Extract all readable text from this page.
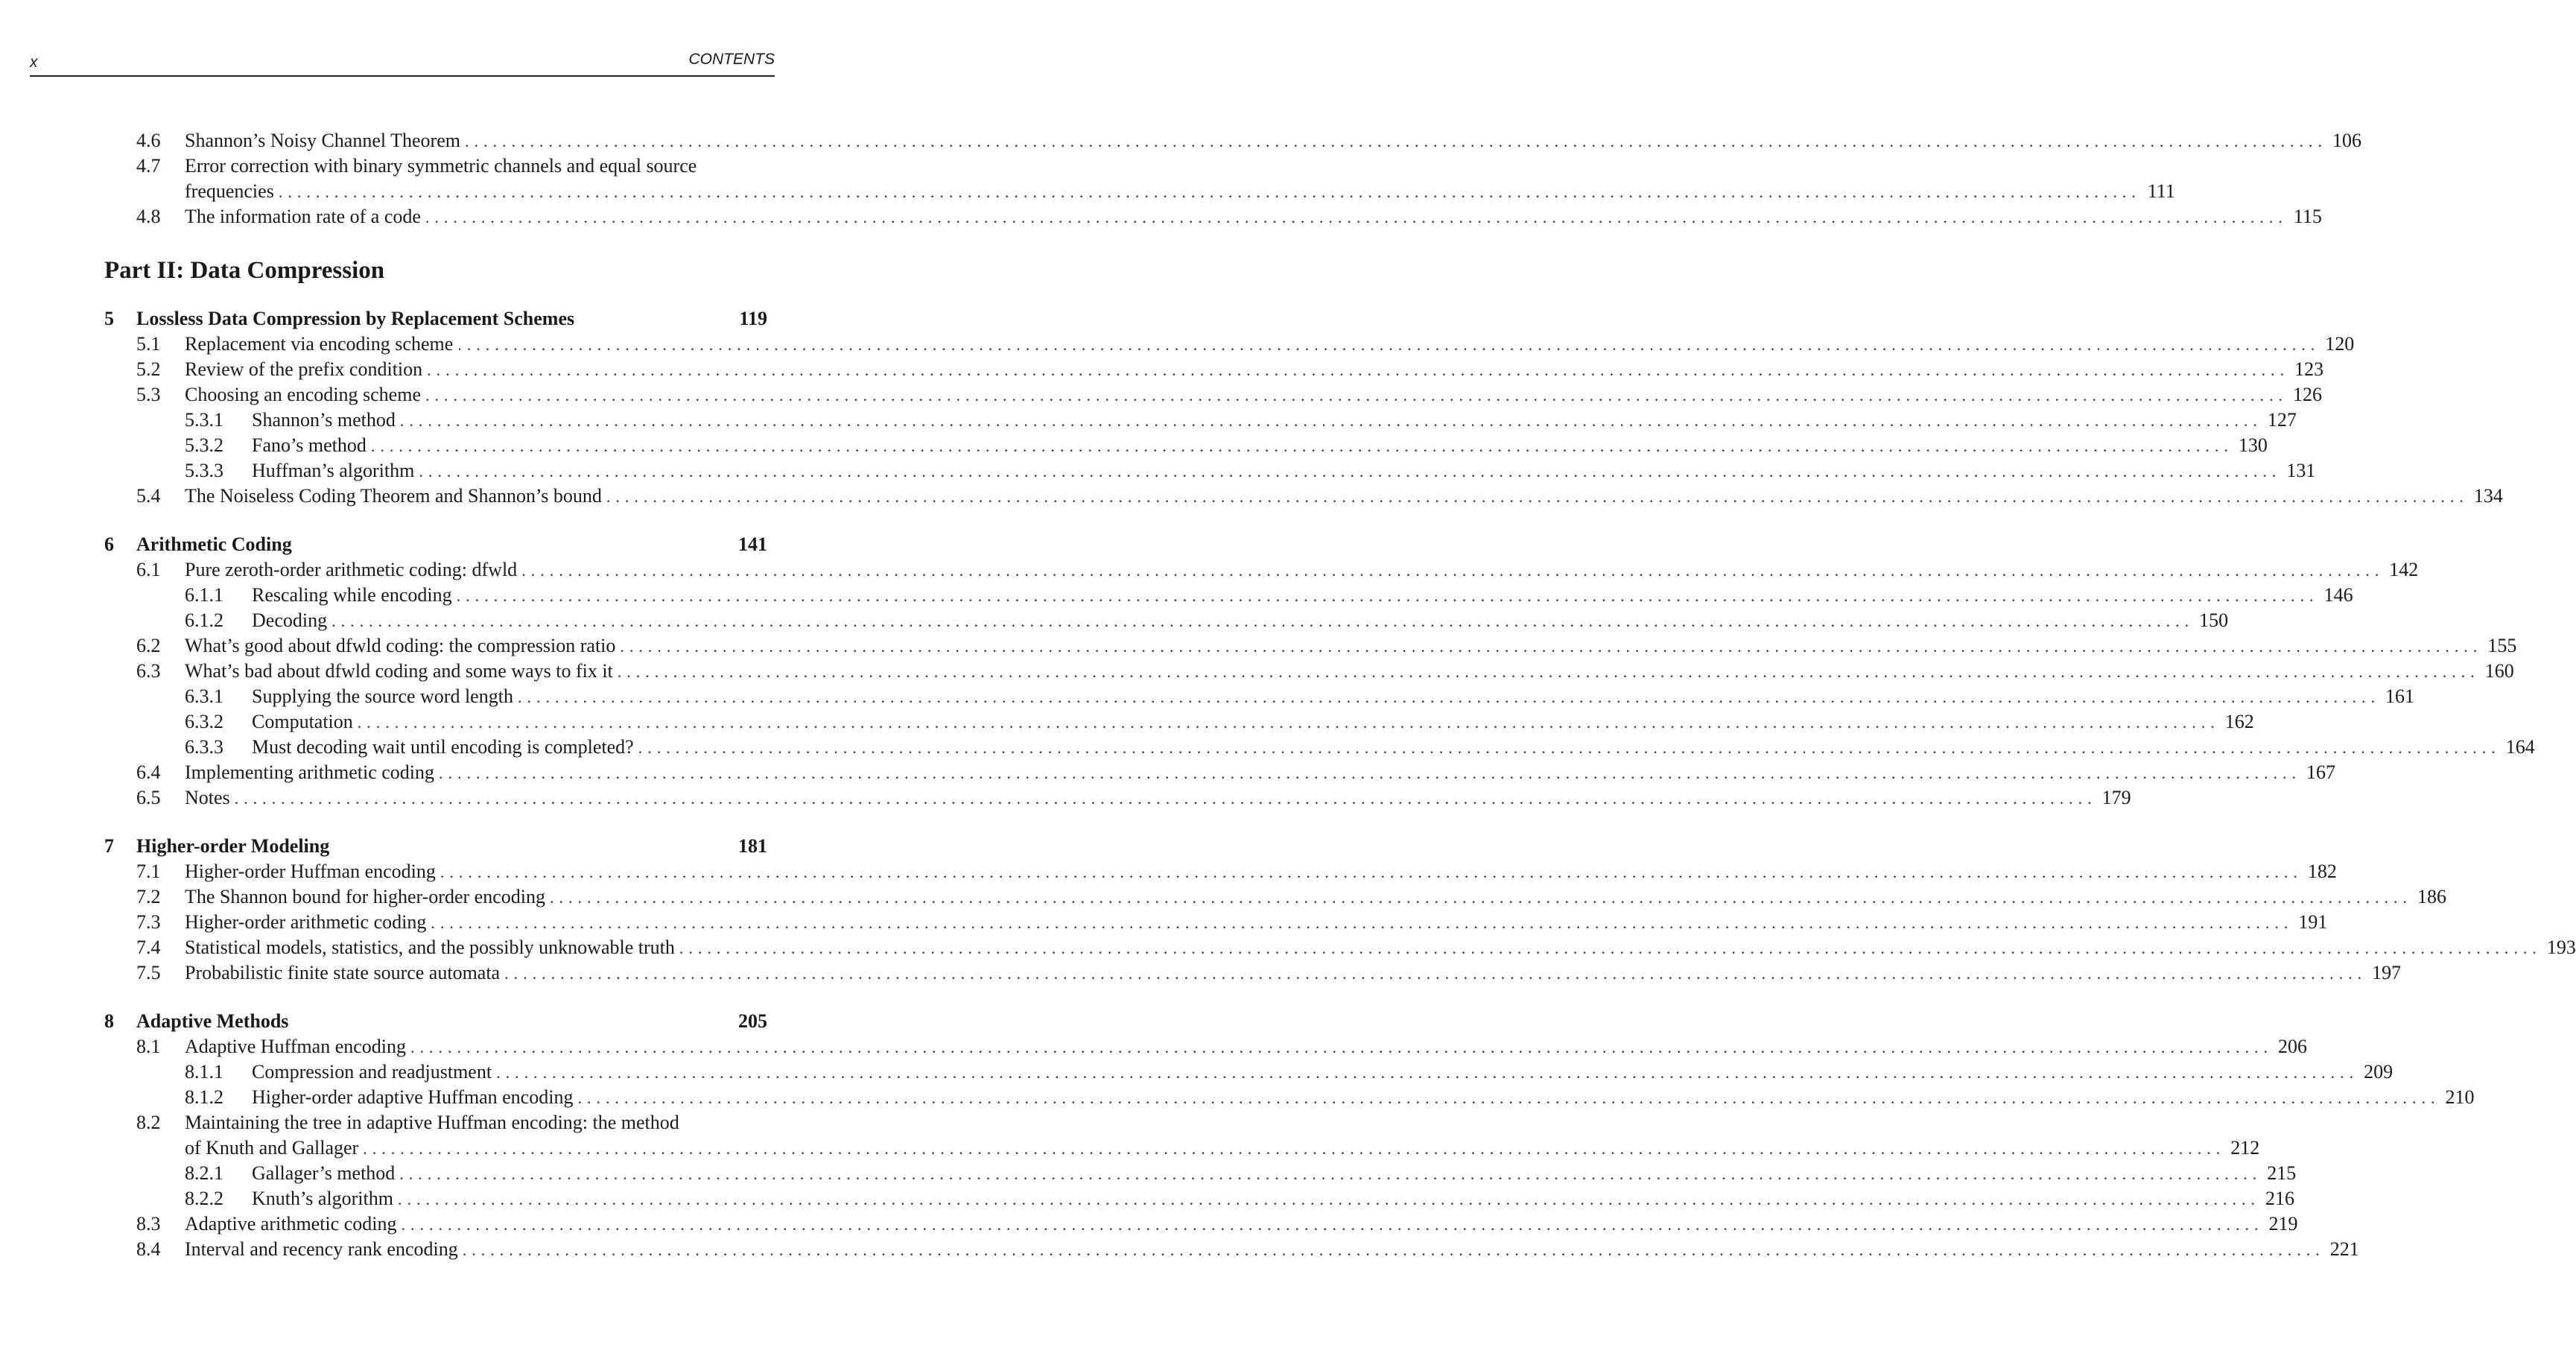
x	CONTENTS
Part II: Data Compression
4.6 Shannon’s Noisy Channel Theorem ........................................................................................................................................................................................................ 106
4.7 Error correction with binary symmetric channels and equal source
frequencies ........................................................................................................................................................................................................ 111
4.8 The information rate of a code ........................................................................................................................................................................................................ 115
5 Lossless Data Compression by Replacement Schemes	119
5.1 Replacement via encoding scheme ........................................................................................................................................................................................................ 120
5.2 Review of the prefix condition ........................................................................................................................................................................................................ 123
5.3 Choosing an encoding scheme ........................................................................................................................................................................................................ 126
5.3.1 Shannon’s method ........................................................................................................................................................................................................ 127
5.3.2 Fano’s method ........................................................................................................................................................................................................ 130
5.3.3 Huffman’s algorithm ........................................................................................................................................................................................................ 131
5.4 The Noiseless Coding Theorem and Shannon’s bound ........................................................................................................................................................................................................ 134
6 Arithmetic Coding	141
6.1 Pure zeroth-order arithmetic coding: dfwld ........................................................................................................................................................................................................ 142
6.1.1 Rescaling while encoding ........................................................................................................................................................................................................ 146
6.1.2 Decoding ........................................................................................................................................................................................................ 150
6.2 What’s good about dfwld coding: the compression ratio ........................................................................................................................................................................................................ 155
6.3 What’s bad about dfwld coding and some ways to fix it ........................................................................................................................................................................................................ 160
6.3.1 Supplying the source word length ........................................................................................................................................................................................................ 161
6.3.2 Computation ........................................................................................................................................................................................................ 162
6.3.3 Must decoding wait until encoding is completed? ........................................................................................................................................................................................................ 164
6.4 Implementing arithmetic coding ........................................................................................................................................................................................................ 167
6.5 Notes ........................................................................................................................................................................................................ 179
7 Higher-order Modeling	181
7.1 Higher-order Huffman encoding ........................................................................................................................................................................................................ 182
7.2 The Shannon bound for higher-order encoding ........................................................................................................................................................................................................ 186
7.3 Higher-order arithmetic coding ........................................................................................................................................................................................................ 191
7.4 Statistical models, statistics, and the possibly unknowable truth ........................................................................................................................................................................................................ 193
7.5 Probabilistic finite state source automata ........................................................................................................................................................................................................ 197
8 Adaptive Methods	205
8.1 Adaptive Huffman encoding ........................................................................................................................................................................................................ 206
8.1.1 Compression and readjustment ........................................................................................................................................................................................................ 209
8.1.2 Higher-order adaptive Huffman encoding ........................................................................................................................................................................................................ 210
8.2 Maintaining the tree in adaptive Huffman encoding: the method
of Knuth and Gallager ........................................................................................................................................................................................................ 212
8.2.1 Gallager’s method ........................................................................................................................................................................................................ 215
8.2.2 Knuth’s algorithm ........................................................................................................................................................................................................ 216
8.3 Adaptive arithmetic coding ........................................................................................................................................................................................................ 219
8.4 Interval and recency rank encoding ........................................................................................................................................................................................................ 221
